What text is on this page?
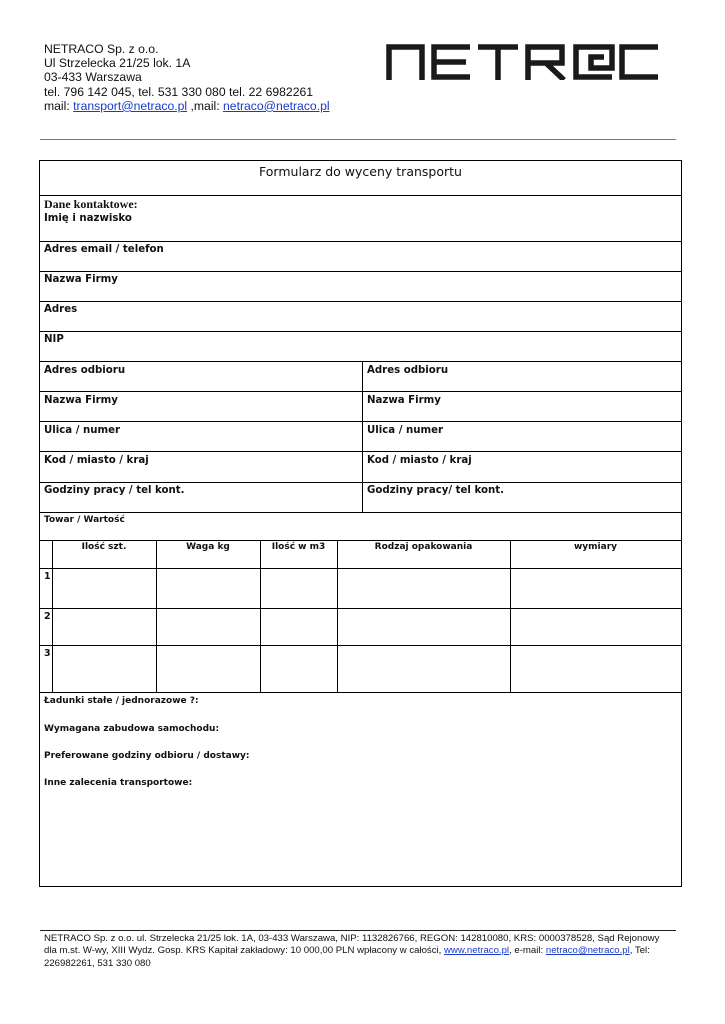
NETRACO Sp. z o.o.
Ul Strzelecka 21/25 lok. 1A
03-433 Warszawa
tel. 796 142 045, tel. 531 330 080 tel. 22 6982261
mail: transport@netraco.pl ,mail: netraco@netraco.pl
Formularz do wyceny transportu
Dane kontaktowe:
Imię i nazwisko
Adres email / telefon
Nazwa Firmy
Adres
NIP
Adres odbioru	Adres odbioru
Nazwa Firmy	Nazwa Firmy
Ulica / numer	Ulica / numer
Kod / miasto / kraj	Kod / miasto / kraj
Godziny pracy / tel kont.	Godziny pracy/ tel kont.
Towar / Wartość
Ilość szt.	Waga kg	Ilość w m3	Rodzaj opakowania	wymiary
1
2
3
Ładunki stałe / jednorazowe ?:
Wymagana zabudowa samochodu:
Preferowane godziny odbioru / dostawy:
Inne zalecenia transportowe:
NETRACO Sp. z o.o. ul. Strzelecka 21/25 lok. 1A, 03-433 Warszawa, NIP: 1132826766, REGON: 142810080, KRS: 0000378528, Sąd Rejonowy
dla m.st. W-wy, XIII Wydz. Gosp. KRS Kapitał zakładowy: 10 000,00 PLN wpłacony w całości, www.netraco.pl, e-mail: netraco@netraco.pl, Tel:
226982261, 531 330 080
